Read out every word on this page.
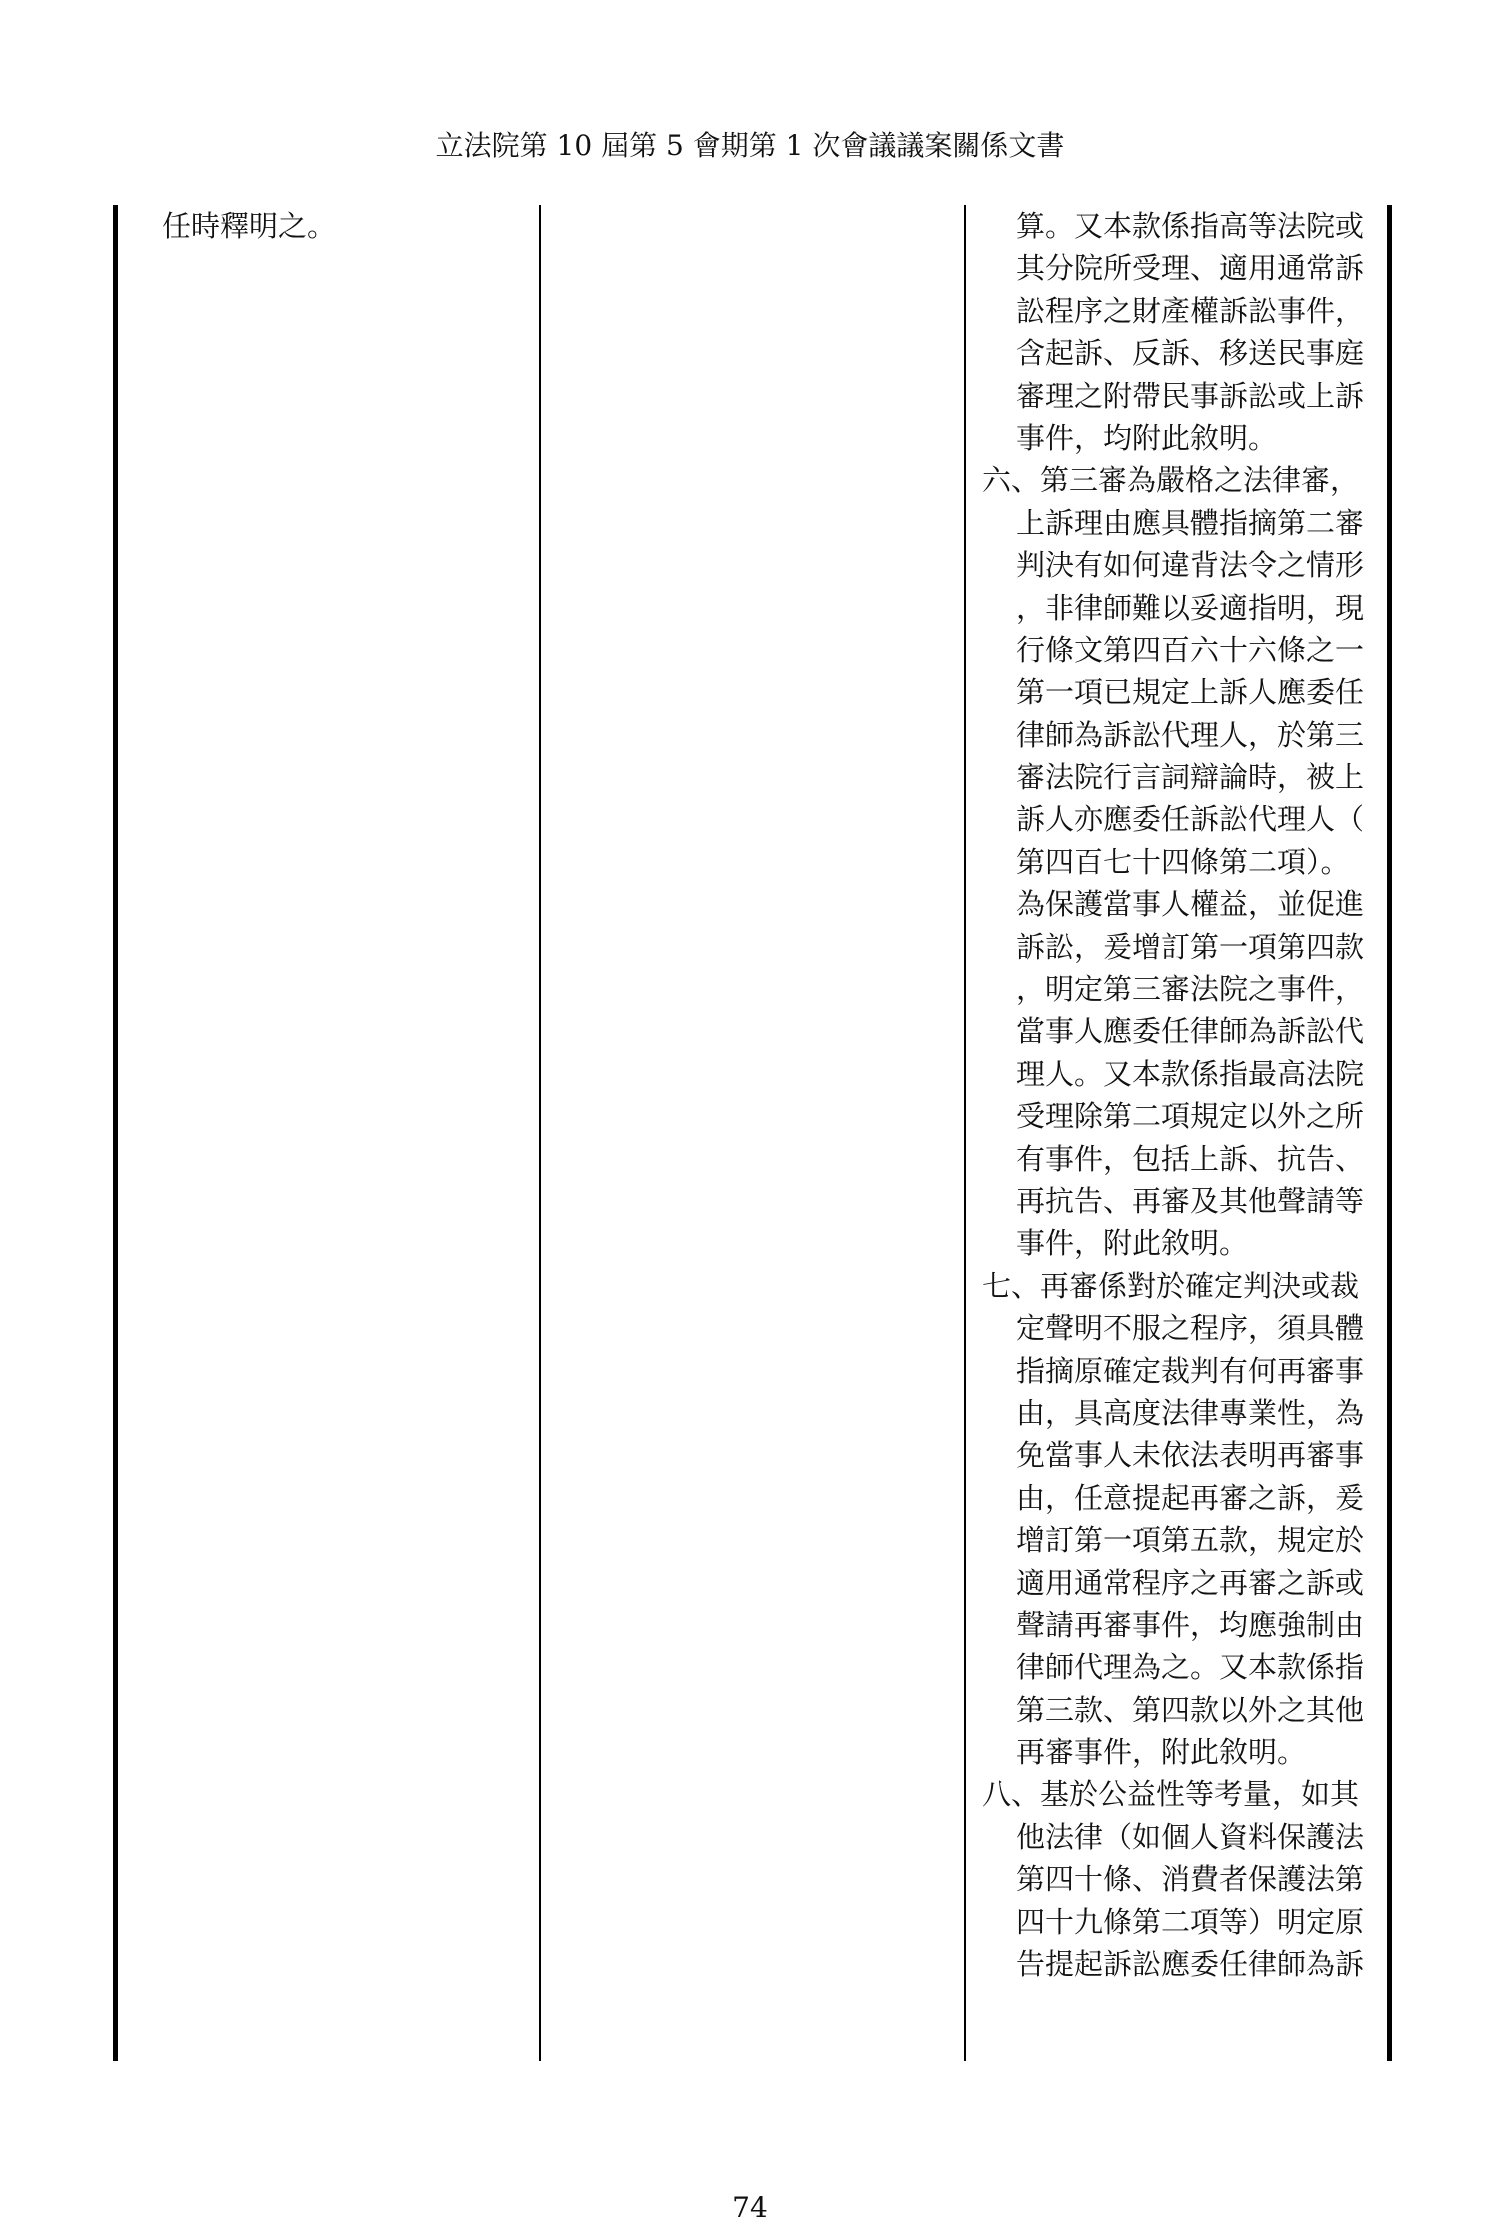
立法院第 10 屆第 5 會期第 1 次會議議案關係文書
任時釋明之。	算。又本款係指高等法院或
其分院所受理、適用通常訴
訟程序之財產權訴訟事件，
含起訴、反訴、移送民事庭
審理之附帶民事訴訟或上訴
事件，均附此敘明。
六、第三審為嚴格之法律審，
上訴理由應具體指摘第二審
判決有如何違背法令之情形
，非律師難以妥適指明，現
行條文第四百六十六條之一
第一項已規定上訴人應委任
律師為訴訟代理人，於第三
審法院行言詞辯論時，被上
訴人亦應委任訴訟代理人（
第四百七十四條第二項）。
為保護當事人權益，並促進
訴訟，爰增訂第一項第四款
，明定第三審法院之事件，
當事人應委任律師為訴訟代
理人。又本款係指最高法院
受理除第二項規定以外之所
有事件，包括上訴、抗告、
再抗告、再審及其他聲請等
事件，附此敘明。
七、再審係對於確定判決或裁
定聲明不服之程序，須具體
指摘原確定裁判有何再審事
由，具高度法律專業性，為
免當事人未依法表明再審事
由，任意提起再審之訴，爰
增訂第一項第五款，規定於
適用通常程序之再審之訴或
聲請再審事件，均應強制由
律師代理為之。又本款係指
第三款、第四款以外之其他
再審事件，附此敘明。
八、基於公益性等考量，如其
他法律（如個人資料保護法
第四十條、消費者保護法第
四十九條第二項等）明定原
告提起訴訟應委任律師為訴
74
